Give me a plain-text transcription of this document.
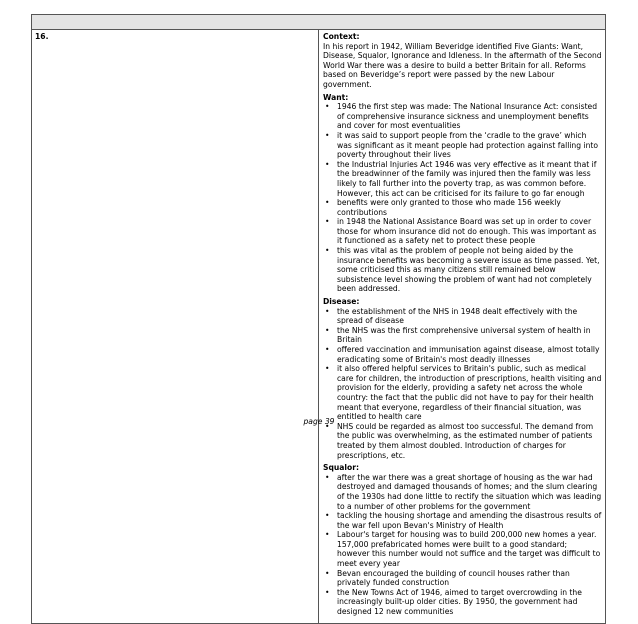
16.	Context:

In his report in 1942, William Beveridge identified Five Giants: Want, Disease, Squalor, Ignorance and Idleness. In the aftermath of the Second World War there was a desire to build a better Britain for all. Reforms based on Beveridge’s report were passed by the new Labour government.

Want:
• 1946 the first step was made: The National Insurance Act: consisted of comprehensive insurance sickness and unemployment benefits and cover for most eventualities
• it was said to support people from the ‘cradle to the grave’ which was significant as it meant people had protection against falling into poverty throughout their lives
• the Industrial Injuries Act 1946 was very effective as it meant that if the breadwinner of the family was injured then the family was less likely to fall further into the poverty trap, as was common before. However, this act can be criticised for its failure to go far enough
• benefits were only granted to those who made 156 weekly contributions
• in 1948 the National Assistance Board was set up in order to cover those for whom insurance did not do enough. This was important as it functioned as a safety net to protect these people
• this was vital as the problem of people not being aided by the insurance benefits was becoming a severe issue as time passed. Yet, some criticised this as many citizens still remained below subsistence level showing the problem of want had not completely been addressed.
Disease:
• the establishment of the NHS in 1948 dealt effectively with the spread of disease
• the NHS was the first comprehensive universal system of health in Britain
• offered vaccination and immunisation against disease, almost totally eradicating some of Britain's most deadly illnesses
• it also offered helpful services to Britain's public, such as medical care for children, the introduction of prescriptions, health visiting and provision for the elderly, providing a safety net across the whole country: the fact that the public did not have to pay for their health meant that everyone, regardless of their financial situation, was entitled to health care
• NHS could be regarded as almost too successful. The demand from the public was overwhelming, as the estimated number of patients treated by them almost doubled. Introduction of charges for prescriptions, etc.
Squalor:
• after the war there was a great shortage of housing as the war had destroyed and damaged thousands of homes; and the slum clearing of the 1930s had done little to rectify the situation which was leading to a number of other problems for the government
• tackling the housing shortage and amending the disastrous results of the war fell upon Bevan's Ministry of Health
• Labour's target for housing was to build 200,000 new homes a year. 157,000 prefabricated homes were built to a good standard; however this number would not suffice and the target was difficult to meet every year
• Bevan encouraged the building of council houses rather than privately funded construction
• the New Towns Act of 1946, aimed to target overcrowding in the increasingly built-up older cities. By 1950, the government had designed 12 new communities
page 39
